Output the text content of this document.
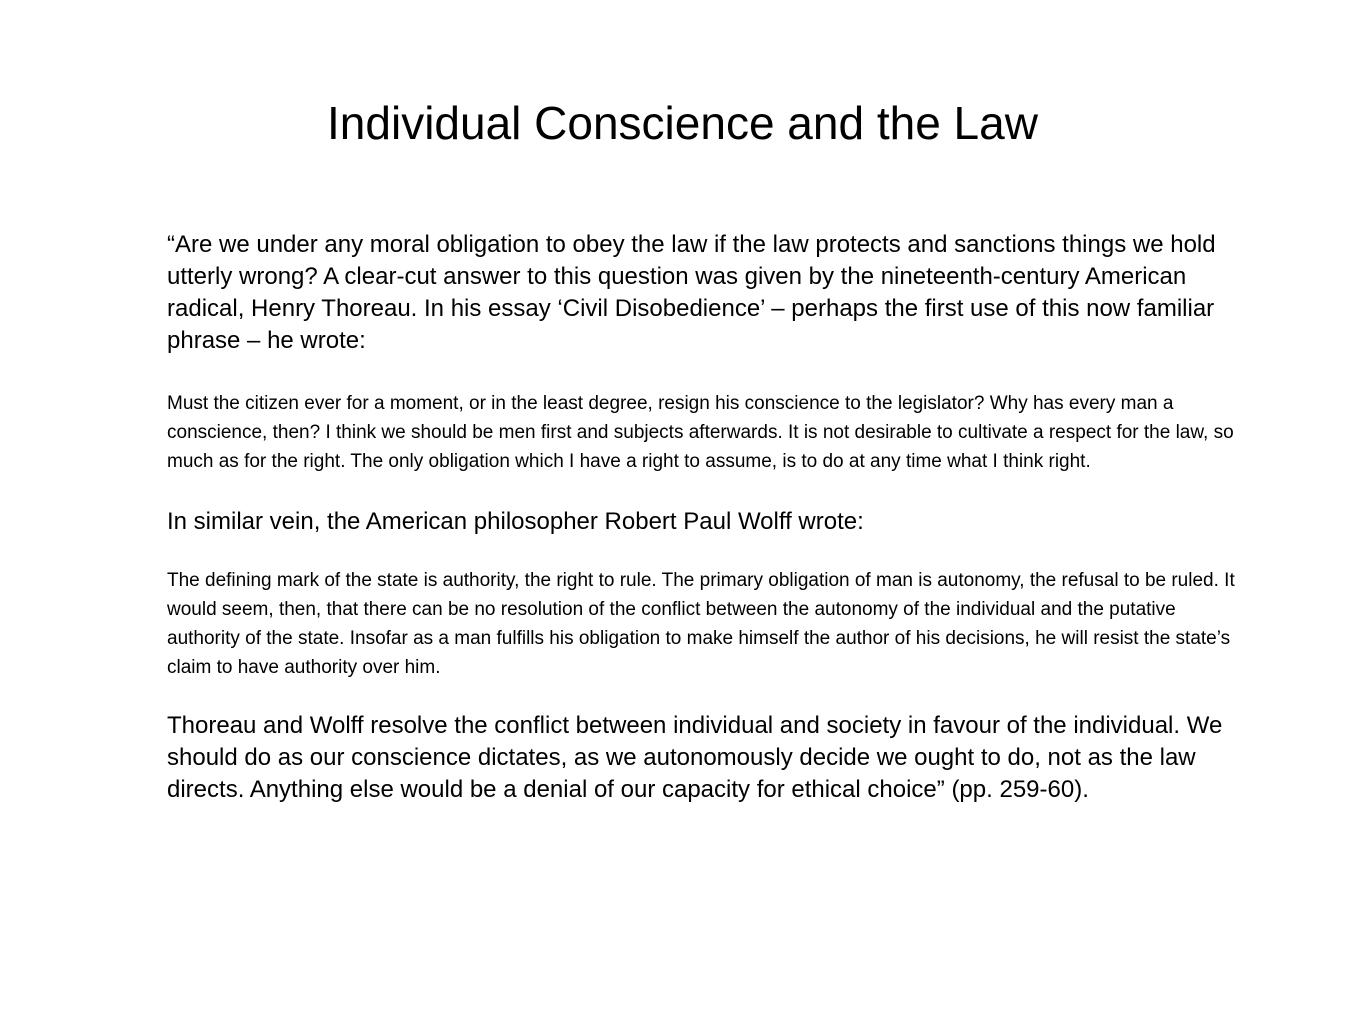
Individual Conscience and the Law

“Are we under any moral obligation to obey the law if the law protects and sanctions things we hold utterly wrong? A clear-cut answer to this question was given by the nineteenth-century American radical, Henry Thoreau. In his essay ‘Civil Disobedience’ – perhaps the first use of this now familiar phrase – he wrote:

Must the citizen ever for a moment, or in the least degree, resign his conscience to the legislator? Why has every man a conscience, then? I think we should be men first and subjects afterwards. It is not desirable to cultivate a respect for the law, so much as for the right. The only obligation which I have a right to assume, is to do at any time what I think right.

In similar vein, the American philosopher Robert Paul Wolff wrote:

The defining mark of the state is authority, the right to rule. The primary obligation of man is autonomy, the refusal to be ruled. It would seem, then, that there can be no resolution of the conflict between the autonomy of the individual and the putative authority of the state. Insofar as a man fulfills his obligation to make himself the author of his decisions, he will resist the state’s claim to have authority over him.

Thoreau and Wolff resolve the conflict between individual and society in favour of the individual. We should do as our conscience dictates, as we autonomously decide we ought to do, not as the law directs. Anything else would be a denial of our capacity for ethical choice” (pp. 259-60).
